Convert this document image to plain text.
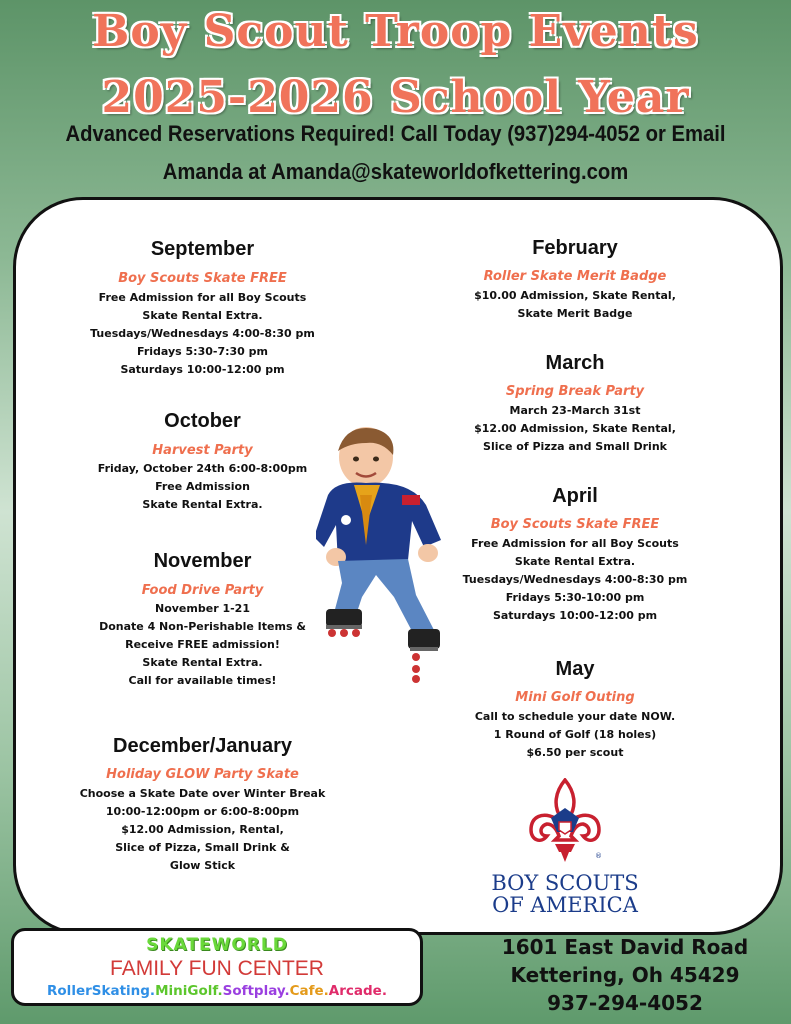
Boy Scout Troop Events
2025-2026 School Year
Advanced Reservations Required! Call Today (937)294-4052 or Email
Amanda at Amanda@skateworldofkettering.com
September
Boy Scouts Skate FREE
Free Admission for all Boy Scouts
Skate Rental Extra.
Tuesdays/Wednesdays 4:00-8:30 pm
Fridays 5:30-7:30 pm
Saturdays 10:00-12:00 pm
October
Harvest Party
Friday, October 24th 6:00-8:00pm
Free Admission
Skate Rental Extra.
November
Food Drive Party
November 1-21
Donate 4 Non-Perishable Items &
Receive FREE admission!
Skate Rental Extra.
Call for available times!
December/January
Holiday GLOW Party Skate
Choose a Skate Date over Winter Break
10:00-12:00pm or 6:00-8:00pm
$12.00 Admission, Rental,
Slice of Pizza, Small Drink &
Glow Stick
February
Roller Skate Merit Badge
$10.00 Admission, Skate Rental,
Skate Merit Badge
March
Spring Break Party
March 23-March 31st
$12.00 Admission, Skate Rental,
Slice of Pizza and Small Drink
April
Boy Scouts Skate FREE
Free Admission for all Boy Scouts
Skate Rental Extra.
Tuesdays/Wednesdays 4:00-8:30 pm
Fridays 5:30-10:00 pm
Saturdays 10:00-12:00 pm
May
Mini Golf Outing
Call to schedule your date NOW.
1 Round of Golf (18 holes)
$6.50 per scout
®
BOY SCOUTS
OF AMERICA
SKATEWORLD
FAMILY FUN CENTER
RollerSkating.MiniGolf.Softplay.Cafe.Arcade.
1601 East David Road
Kettering, Oh 45429
937-294-4052
